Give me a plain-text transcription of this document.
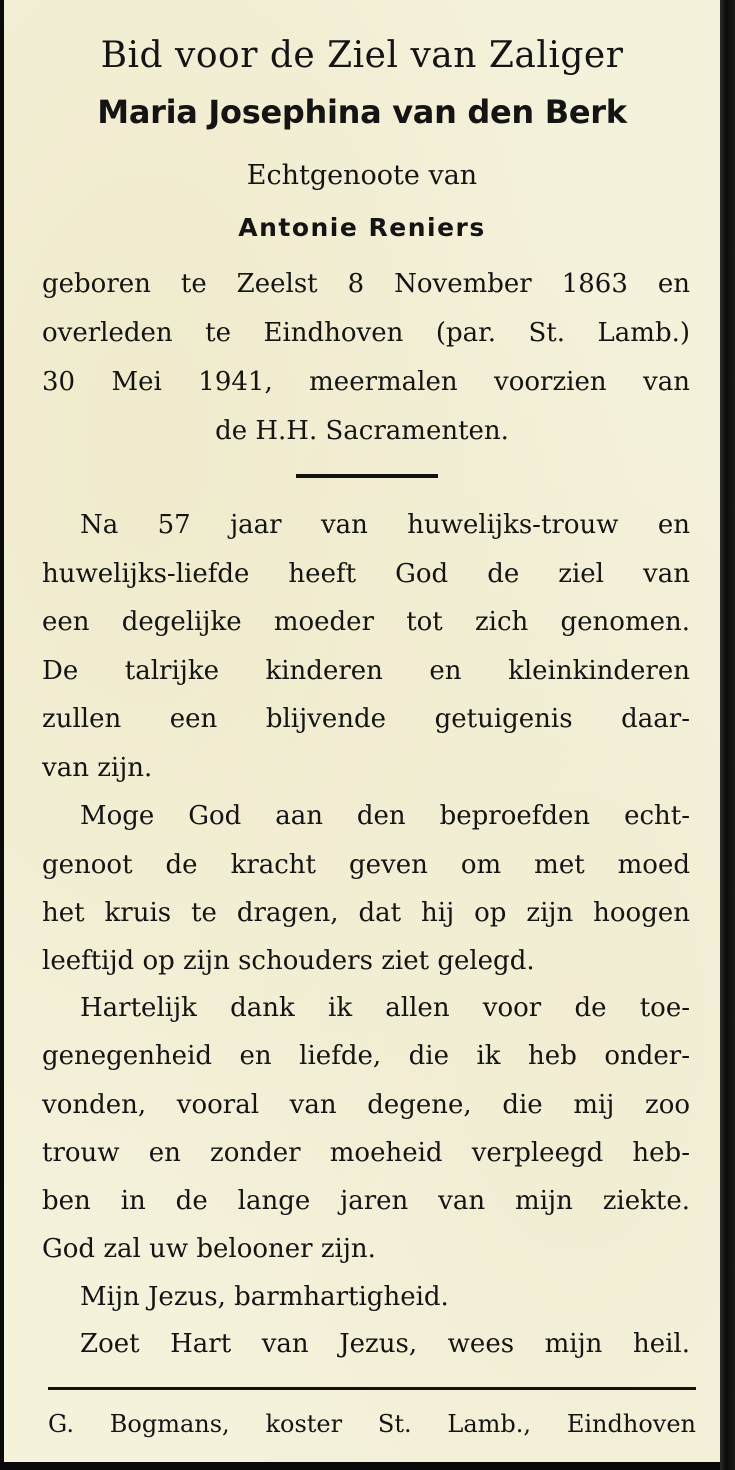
Bid voor de Ziel van Zaliger
Maria Josephina van den Berk
Echtgenoote van
Antonie Reniers
geboren te Zeelst 8 November 1863 en
overleden te Eindhoven (par. St. Lamb.)
30 Mei 1941, meermalen voorzien van
de H.H. Sacramenten.
Na 57 jaar van huwelijks-trouw en
huwelijks-liefde heeft God de ziel van
een degelijke moeder tot zich genomen.
De talrijke kinderen en kleinkinderen
zullen een blijvende getuigenis daar-
van zijn.
Moge God aan den beproefden echt-
genoot de kracht geven om met moed
het kruis te dragen, dat hij op zijn hoogen
leeftijd op zijn schouders ziet gelegd.
Hartelijk dank ik allen voor de toe-
genegenheid en liefde, die ik heb onder-
vonden, vooral van degene, die mij zoo
trouw en zonder moeheid verpleegd heb-
ben in de lange jaren van mijn ziekte.
God zal uw belooner zijn.
Mijn Jezus, barmhartigheid.
Zoet Hart van Jezus, wees mijn heil.
G. Bogmans, koster St. Lamb., Eindhoven
